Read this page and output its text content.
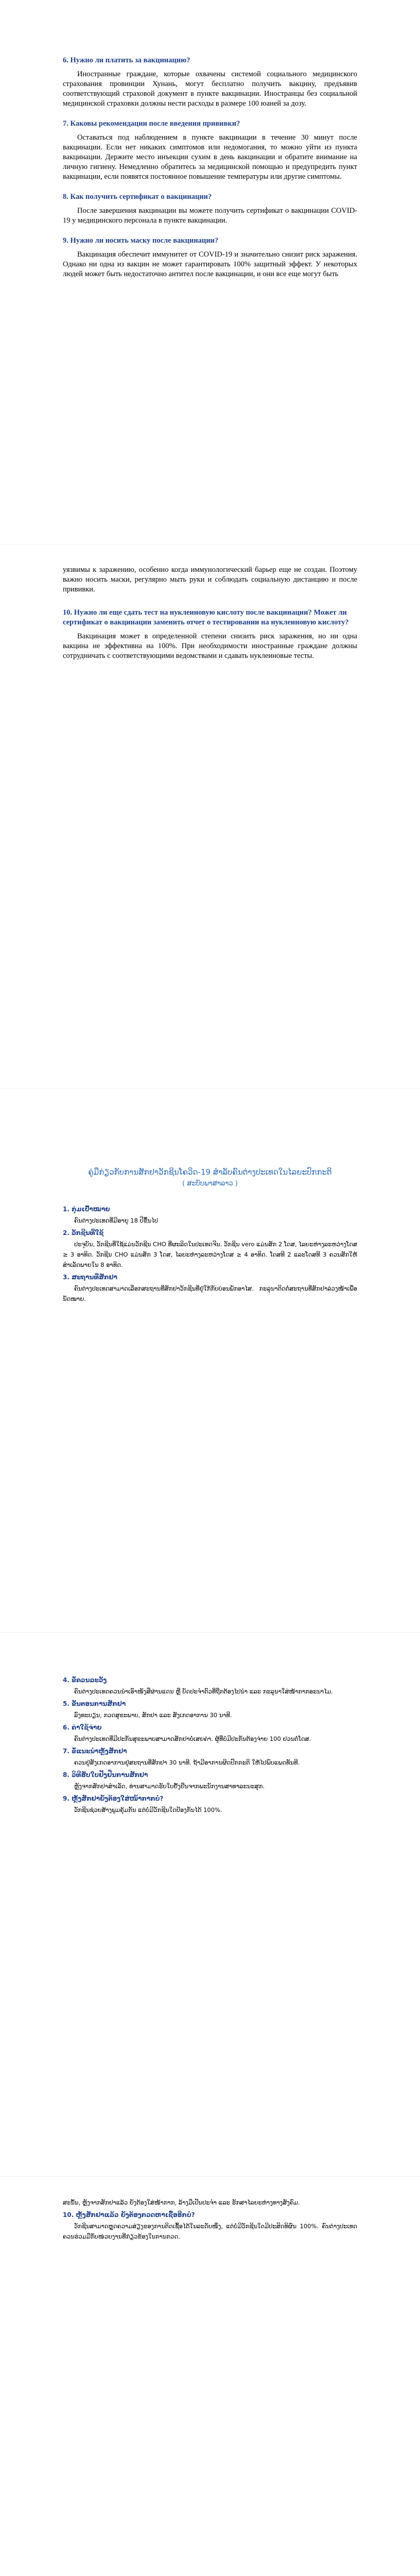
6. Нужно ли платить за вакцинацию?

Иностранные граждане, которые охвачены системой социального медицинского страхования провинции Хунань, могут бесплатно получить вакцину, предъявив соответствующий страховой документ в пункте вакцинации. Иностранцы без социальной медицинской страховки должны нести расходы в размере 100 юаней за дозу.

7. Каковы рекомендации после введения прививки?

Оставаться под наблюдением в пункте вакцинации в течение 30 минут после вакцинации. Если нет никаких симптомов или недомогания, то можно уйти из пункта вакцинации. Держите место инъекции сухим в день вакцинации и обратите внимание на личную гигиену. Немедленно обратитесь за медицинской помощью и предупредить пункт вакцинации, если появятся постоянное повышение температуры или другие симптомы.

8. Как получить сертификат о вакцинации?

После завершения вакцинации вы можете получить сертификат о вакцинации COVID-19 у медицинского персонала в пункте вакцинации.

9. Нужно ли носить маску после вакцинации?

Вакцинация обеспечит иммунитет от COVID-19 и значительно снизит риск заражения. Однако ни одна из вакцин не может гарантировать 100% защитный эффект. У некоторых людей может быть недостаточно антител после вакцинации, и они все еще могут быть

уязвимы к заражению, особенно когда иммунологический барьер еще не создан. Поэтому важно носить маски, регулярно мыть руки и соблюдать социальную дистанцию и после прививки.

10. Нужно ли еще сдать тест на нуклеиновую кислоту после вакцинации? Может ли сертификат о вакцинации заменить отчет о тестировании на нуклеиновую кислоту?

Вакцинация может в определенной степени снизить риск заражения, но ни одна вакцина не эффективна на 100%. При необходимости иностранные граждане должны сотрудничать с соответствующими ведомствами и сдавать нуклеиновые тесты.

ຄູ່ມືກ່ຽວກັບການສັກຢາວັກຊີນໂຄວິດ-19 ສຳລັບຄົນຕ່າງປະເທດໃນໄລຍະປົກກະຕິ
( ສະບັບພາສາລາວ )
1. ກຸ່ມເປົ້າໝາຍ

ຄົນຕ່າງປະເທດທີ່ມີອາຍຸ 18 ປີຂຶ້ນໄປ

2. ວັກຊີນທີ່ໃຊ້

ປະຈຸບັນ, ວັກຊີນທີ່ໃຊ້ແມ່ນວັກຊີນ CHO ທີ່ຜະລິດໃນປະເທດຈີນ. ວັກຊີນ vero ແມ່ນສັກ 2 ໂດສ, ໄລຍະຫ່າງລະຫວ່າງໂດສ ≥ 3 ອາທິດ. ວັກຊີນ CHO ແມ່ນສັກ 3 ໂດສ, ໄລຍະຫ່າງລະຫວ່າງໂດສ ≥ 4 ອາທິດ. ໂດສທີ 2 ແລະໂດສທີ 3 ຄວນສັກໃຫ້ສຳເລັດພາຍໃນ 8 ອາທິດ.

3. ສະຖານທີ່ສັກຢາ

ຄົນຕ່າງປະເທດສາມາດເລືອກສະຖານທີ່ສັກຢາວັກຊີນທີ່ຢູ່ໃກ້ກັບບ່ອນພັກອາໄສ. ກະລຸນາຕິດຕໍ່ສະຖານທີ່ສັກຢາລ່ວງໜ້າເພື່ອນັດໝາຍ.

4. ຂໍ້ຄວນລະວັງ

ຄົນຕ່າງປະເທດຄວນນຳເອົາໜັງສືຜ່ານແດນ ຫຼື ບັດປະຈຳຕົວທີ່ຖືກຕ້ອງໄປນຳ ແລະ ກະລຸນາໃສ່ໜ້າກາກອະນາໄມ.

5. ຂັ້ນຕອນການສັກຢາ

ລົງທະບຽນ, ກວດສຸຂະພາບ, ສັກຢາ ແລະ ສັງເກດອາການ 30 ນາທີ.

6. ຄ່າໃຊ້ຈ່າຍ

ຄົນຕ່າງປະເທດທີ່ມີປະກັນສຸຂະພາບສາມາດສັກຢາບໍ່ເສຍຄ່າ. ຜູ້ທີ່ບໍ່ມີປະກັນຕ້ອງຈ່າຍ 100 ຢວນຕໍ່ໂດສ.

7. ຂໍ້ແນະນຳຫຼັງສັກຢາ

ຄວນຢູ່ສັງເກດອາການຢູ່ສະຖານທີ່ສັກຢາ 30 ນາທີ. ຖ້າມີອາການຜິດປົກກະຕິ ໃຫ້ໄປພົບແພດທັນທີ.

8. ວິທີຮັບໃບຢັ້ງຢືນການສັກຢາ

ຫຼັງຈາກສັກຢາສຳເລັດ, ທ່ານສາມາດຮັບໃບຢັ້ງຢືນຈາກພະນັກງານສາທາລະນະສຸກ.

9. ຫຼັງສັກຢາຍັງຕ້ອງໃສ່ໜ້າກາກບໍ?

ວັກຊີນຊ່ວຍສ້າງພູມຄຸ້ມກັນ ແຕ່ບໍ່ມີວັກຊີນໃດປ້ອງກັນໄດ້ 100%.

ສະນັ້ນ, ຫຼັງຈາກສັກຢາແລ້ວ ຍັງຕ້ອງໃສ່ໜ້າກາກ, ລ້າງມືເປັນປະຈຳ ແລະ ຮັກສາໄລຍະຫ່າງທາງສັງຄົມ.

10. ຫຼັງສັກຢາແລ້ວ ຍັງຕ້ອງກວດຫາເຊື້ອອີກບໍ?

ວັກຊີນສາມາດຫຼຸດຄວາມສ່ຽງຂອງການຕິດເຊື້ອໄດ້ໃນລະດັບໜຶ່ງ, ແຕ່ບໍ່ມີວັກຊີນໃດມີປະສິດທິຜົນ 100%. ຄົນຕ່າງປະເທດຄວນຮ່ວມມືກັບໜ່ວຍງານທີ່ກ່ຽວຂ້ອງໃນການກວດ.
